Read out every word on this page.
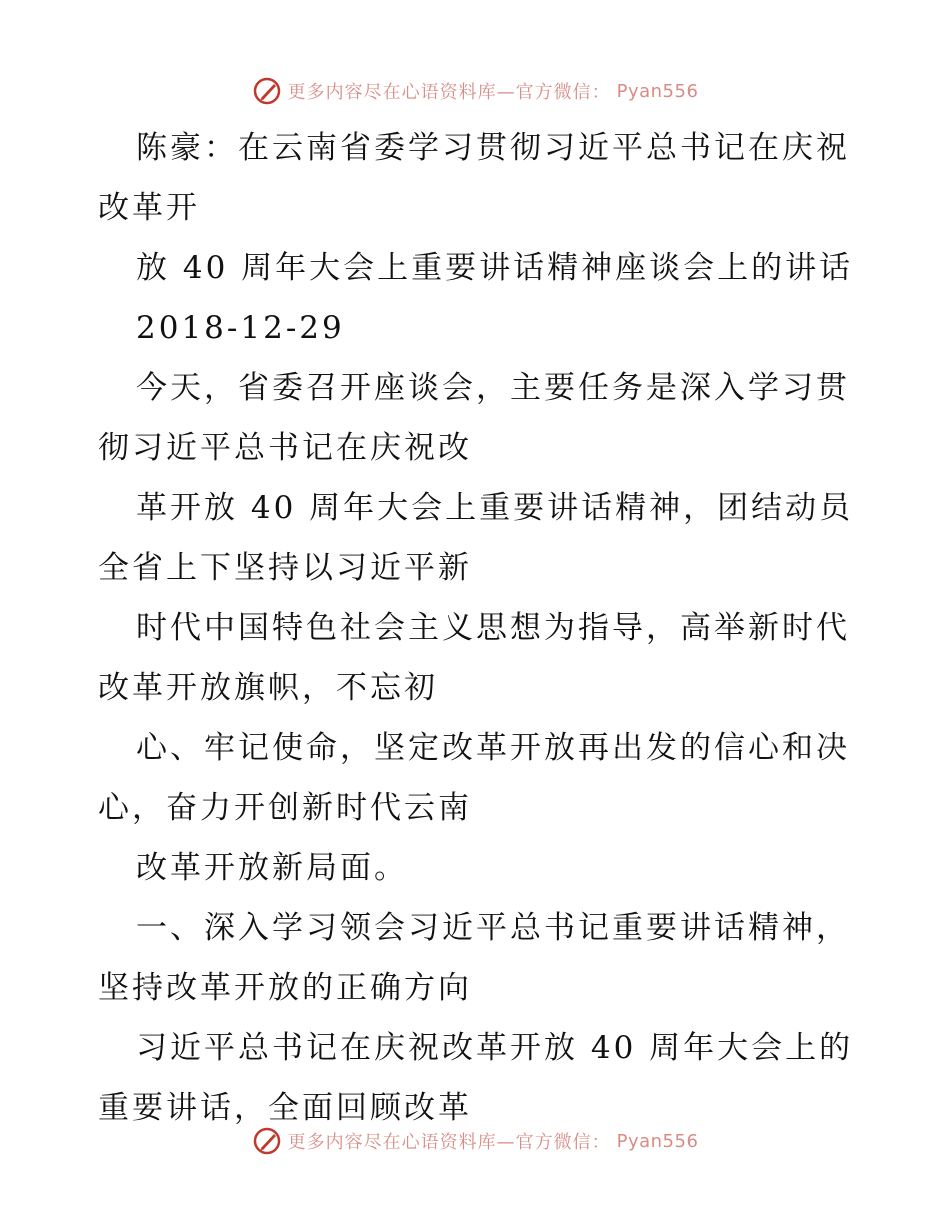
更多内容尽在心语资料库—官方微信： Pyan556
陈豪：在云南省委学习贯彻习近平总书记在庆祝
改革开
放 40 周年大会上重要讲话精神座谈会上的讲话
2018-12-29
今天，省委召开座谈会，主要任务是深入学习贯
彻习近平总书记在庆祝改
革开放 40 周年大会上重要讲话精神，团结动员
全省上下坚持以习近平新
时代中国特色社会主义思想为指导，高举新时代
改革开放旗帜，不忘初
心、牢记使命，坚定改革开放再出发的信心和决
心，奋力开创新时代云南
改革开放新局面。
一、深入学习领会习近平总书记重要讲话精神，
坚持改革开放的正确方向
习近平总书记在庆祝改革开放 40 周年大会上的
重要讲话，全面回顾改革
更多内容尽在心语资料库—官方微信： Pyan556
